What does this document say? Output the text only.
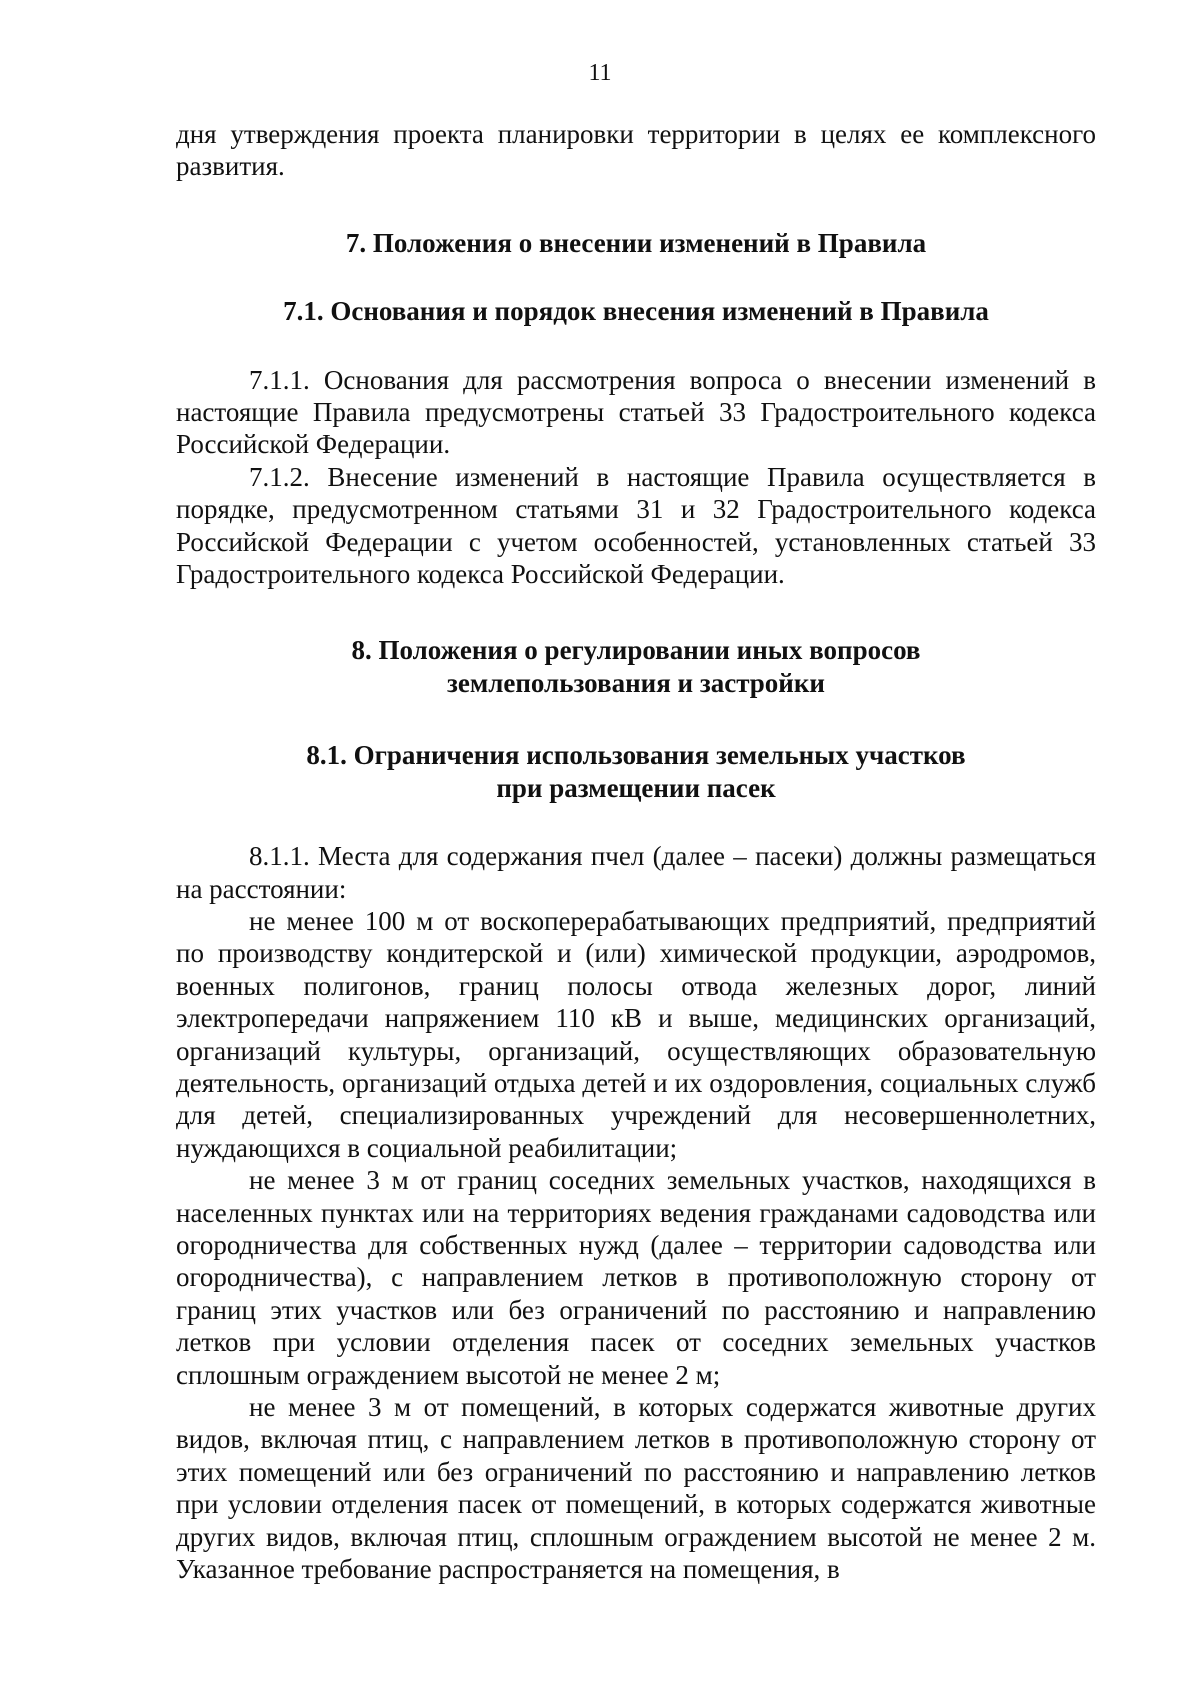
11

дня утверждения проекта планировки территории в целях ее комплексного развития.

7. Положения о внесении изменений в Правила
7.1. Основания и порядок внесения изменений в Правила

7.1.1. Основания для рассмотрения вопроса о внесении изменений в настоящие Правила предусмотрены статьей 33 Градостроительного кодекса Российской Федерации.

7.1.2. Внесение изменений в настоящие Правила осуществляется в порядке, предусмотренном статьями 31 и 32 Градостроительного кодекса Российской Федерации с учетом особенностей, установленных статьей 33 Градостроительного кодекса Российской Федерации.

8. Положения о регулировании иных вопросов
землепользования и застройки
8.1. Ограничения использования земельных участков
при размещении пасек

8.1.1. Места для содержания пчел (далее – пасеки) должны размещаться на расстоянии:

не менее 100 м от воскоперерабатывающих предприятий, предприятий по производству кондитерской и (или) химической продукции, аэродромов, военных полигонов, границ полосы отвода железных дорог, линий электропередачи напряжением 110 кВ и выше, медицинских организаций, организаций культуры, организаций, осуществляющих образовательную деятельность, организаций отдыха детей и их оздоровления, социальных служб для детей, специализированных учреждений для несовершеннолетних, нуждающихся в социальной реабилитации;

не менее 3 м от границ соседних земельных участков, находящихся в населенных пунктах или на территориях ведения гражданами садоводства или огородничества для собственных нужд (далее – территории садоводства или огородничества), с направлением летков в противоположную сторону от границ этих участков или без ограничений по расстоянию и направлению летков при условии отделения пасек от соседних земельных участков сплошным ограждением высотой не менее 2 м;

не менее 3 м от помещений, в которых содержатся животные других видов, включая птиц, с направлением летков в противоположную сторону от этих помещений или без ограничений по расстоянию и направлению летков при условии отделения пасек от помещений, в которых содержатся животные других видов, включая птиц, сплошным ограждением высотой не менее 2 м. Указанное требование распространяется на помещения, в
